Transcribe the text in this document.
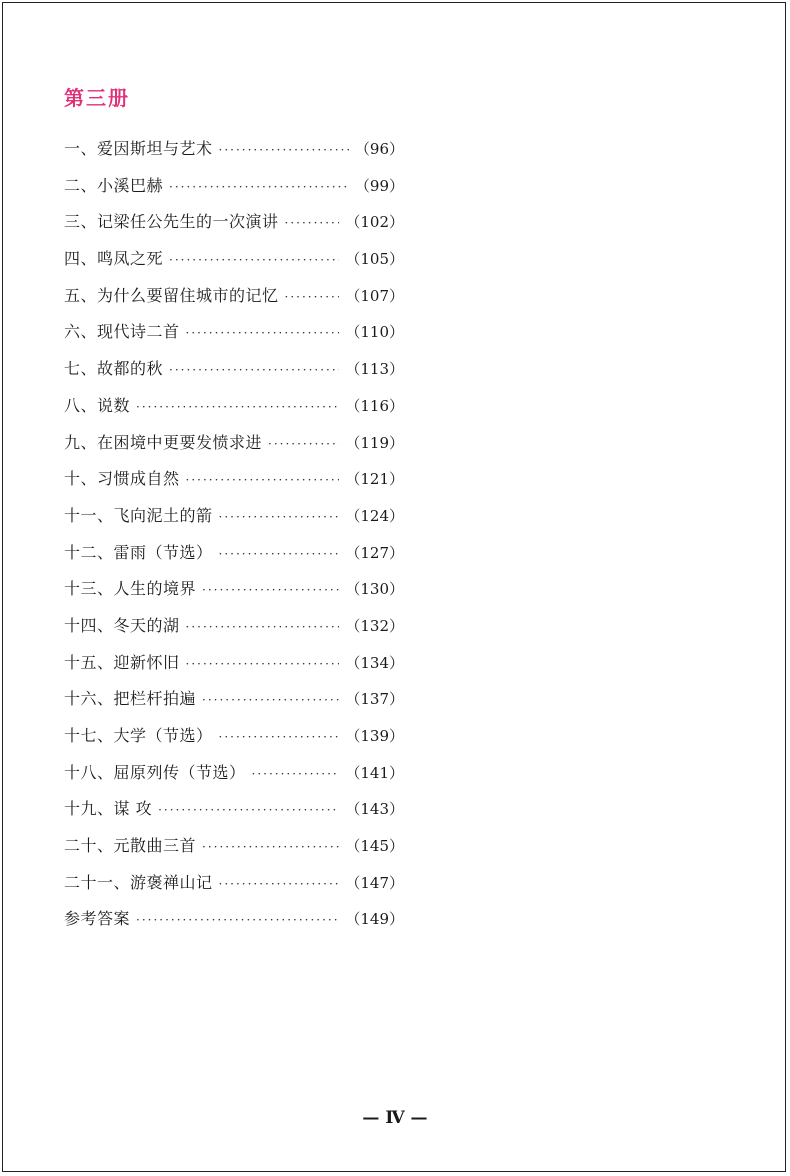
第三册
一、爱因斯坦与艺术 ·····	（96）
二、小溪巴赫 ·····	（99）
三、记梁任公先生的一次演讲 ·····	（102）
四、鸣凤之死 ·····	（105）
五、为什么要留住城市的记忆 ·····	（107）
六、现代诗二首 ·····	（110）
七、故都的秋 ·····	（113）
八、说数 ·····	（116）
九、在困境中更要发愤求进 ·····	（119）
十、习惯成自然 ·····	（121）
十一、飞向泥土的箭 ·····	（124）
十二、雷雨（节选） ·····	（127）
十三、人生的境界 ·····	（130）
十四、冬天的湖 ·····	（132）
十五、迎新怀旧 ·····	（134）
十六、把栏杆拍遍 ·····	（137）
十七、大学（节选） ·····	（139）
十八、屈原列传（节选） ·····	（141）
十九、谋 攻 ·····	（143）
二十、元散曲三首 ·····	（145）
二十一、游褒禅山记 ·····	（147）
参考答案 ·····	（149）
— Ⅳ —
